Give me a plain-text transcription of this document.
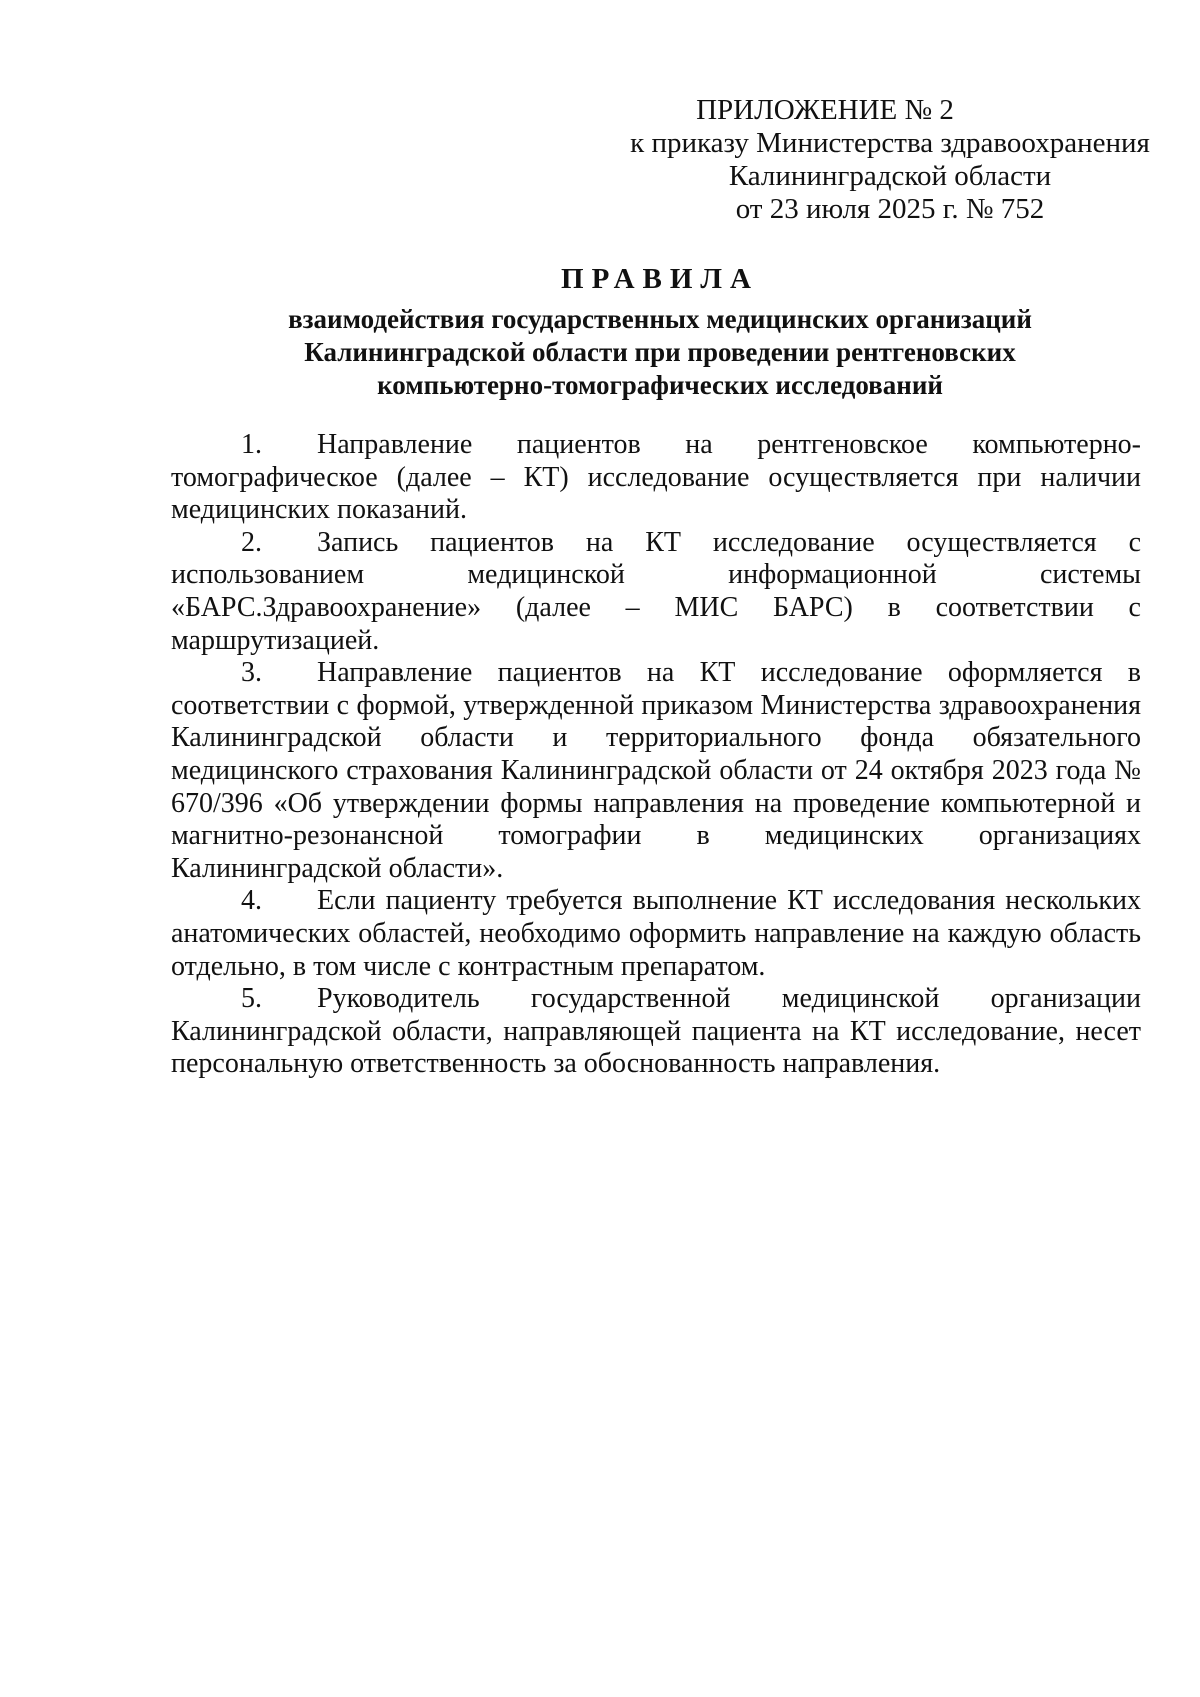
ПРИЛОЖЕНИЕ № 2
к приказу Министерства здравоохранения
Калининградской области
от 23 июля 2025 г. № 752
ПРАВИЛА
взаимодействия государственных медицинских организаций
Калининградской области при проведении рентгеновских
компьютерно-томографических исследований

1. Направление пациентов на рентгеновское компьютерно-томографическое (далее – КТ) исследование осуществляется при наличии медицинских показаний.

2. Запись пациентов на КТ исследование осуществляется с использованием медицинской информационной системы «БАРС.Здравоохранение» (далее – МИС БАРС) в соответствии с маршрутизацией.

3. Направление пациентов на КТ исследование оформляется в соответствии с формой, утвержденной приказом Министерства здравоохранения Калининградской области и территориального фонда обязательного медицинского страхования Калининградской области от 24 октября 2023 года № 670/396 «Об утверждении формы направления на проведение компьютерной и магнитно-резонансной томографии в медицинских организациях Калининградской области».

4. Если пациенту требуется выполнение КТ исследования нескольких анатомических областей, необходимо оформить направление на каждую область отдельно, в том числе с контрастным препаратом.

5. Руководитель государственной медицинской организации Калининградской области, направляющей пациента на КТ исследование, несет персональную ответственность за обоснованность направления.
